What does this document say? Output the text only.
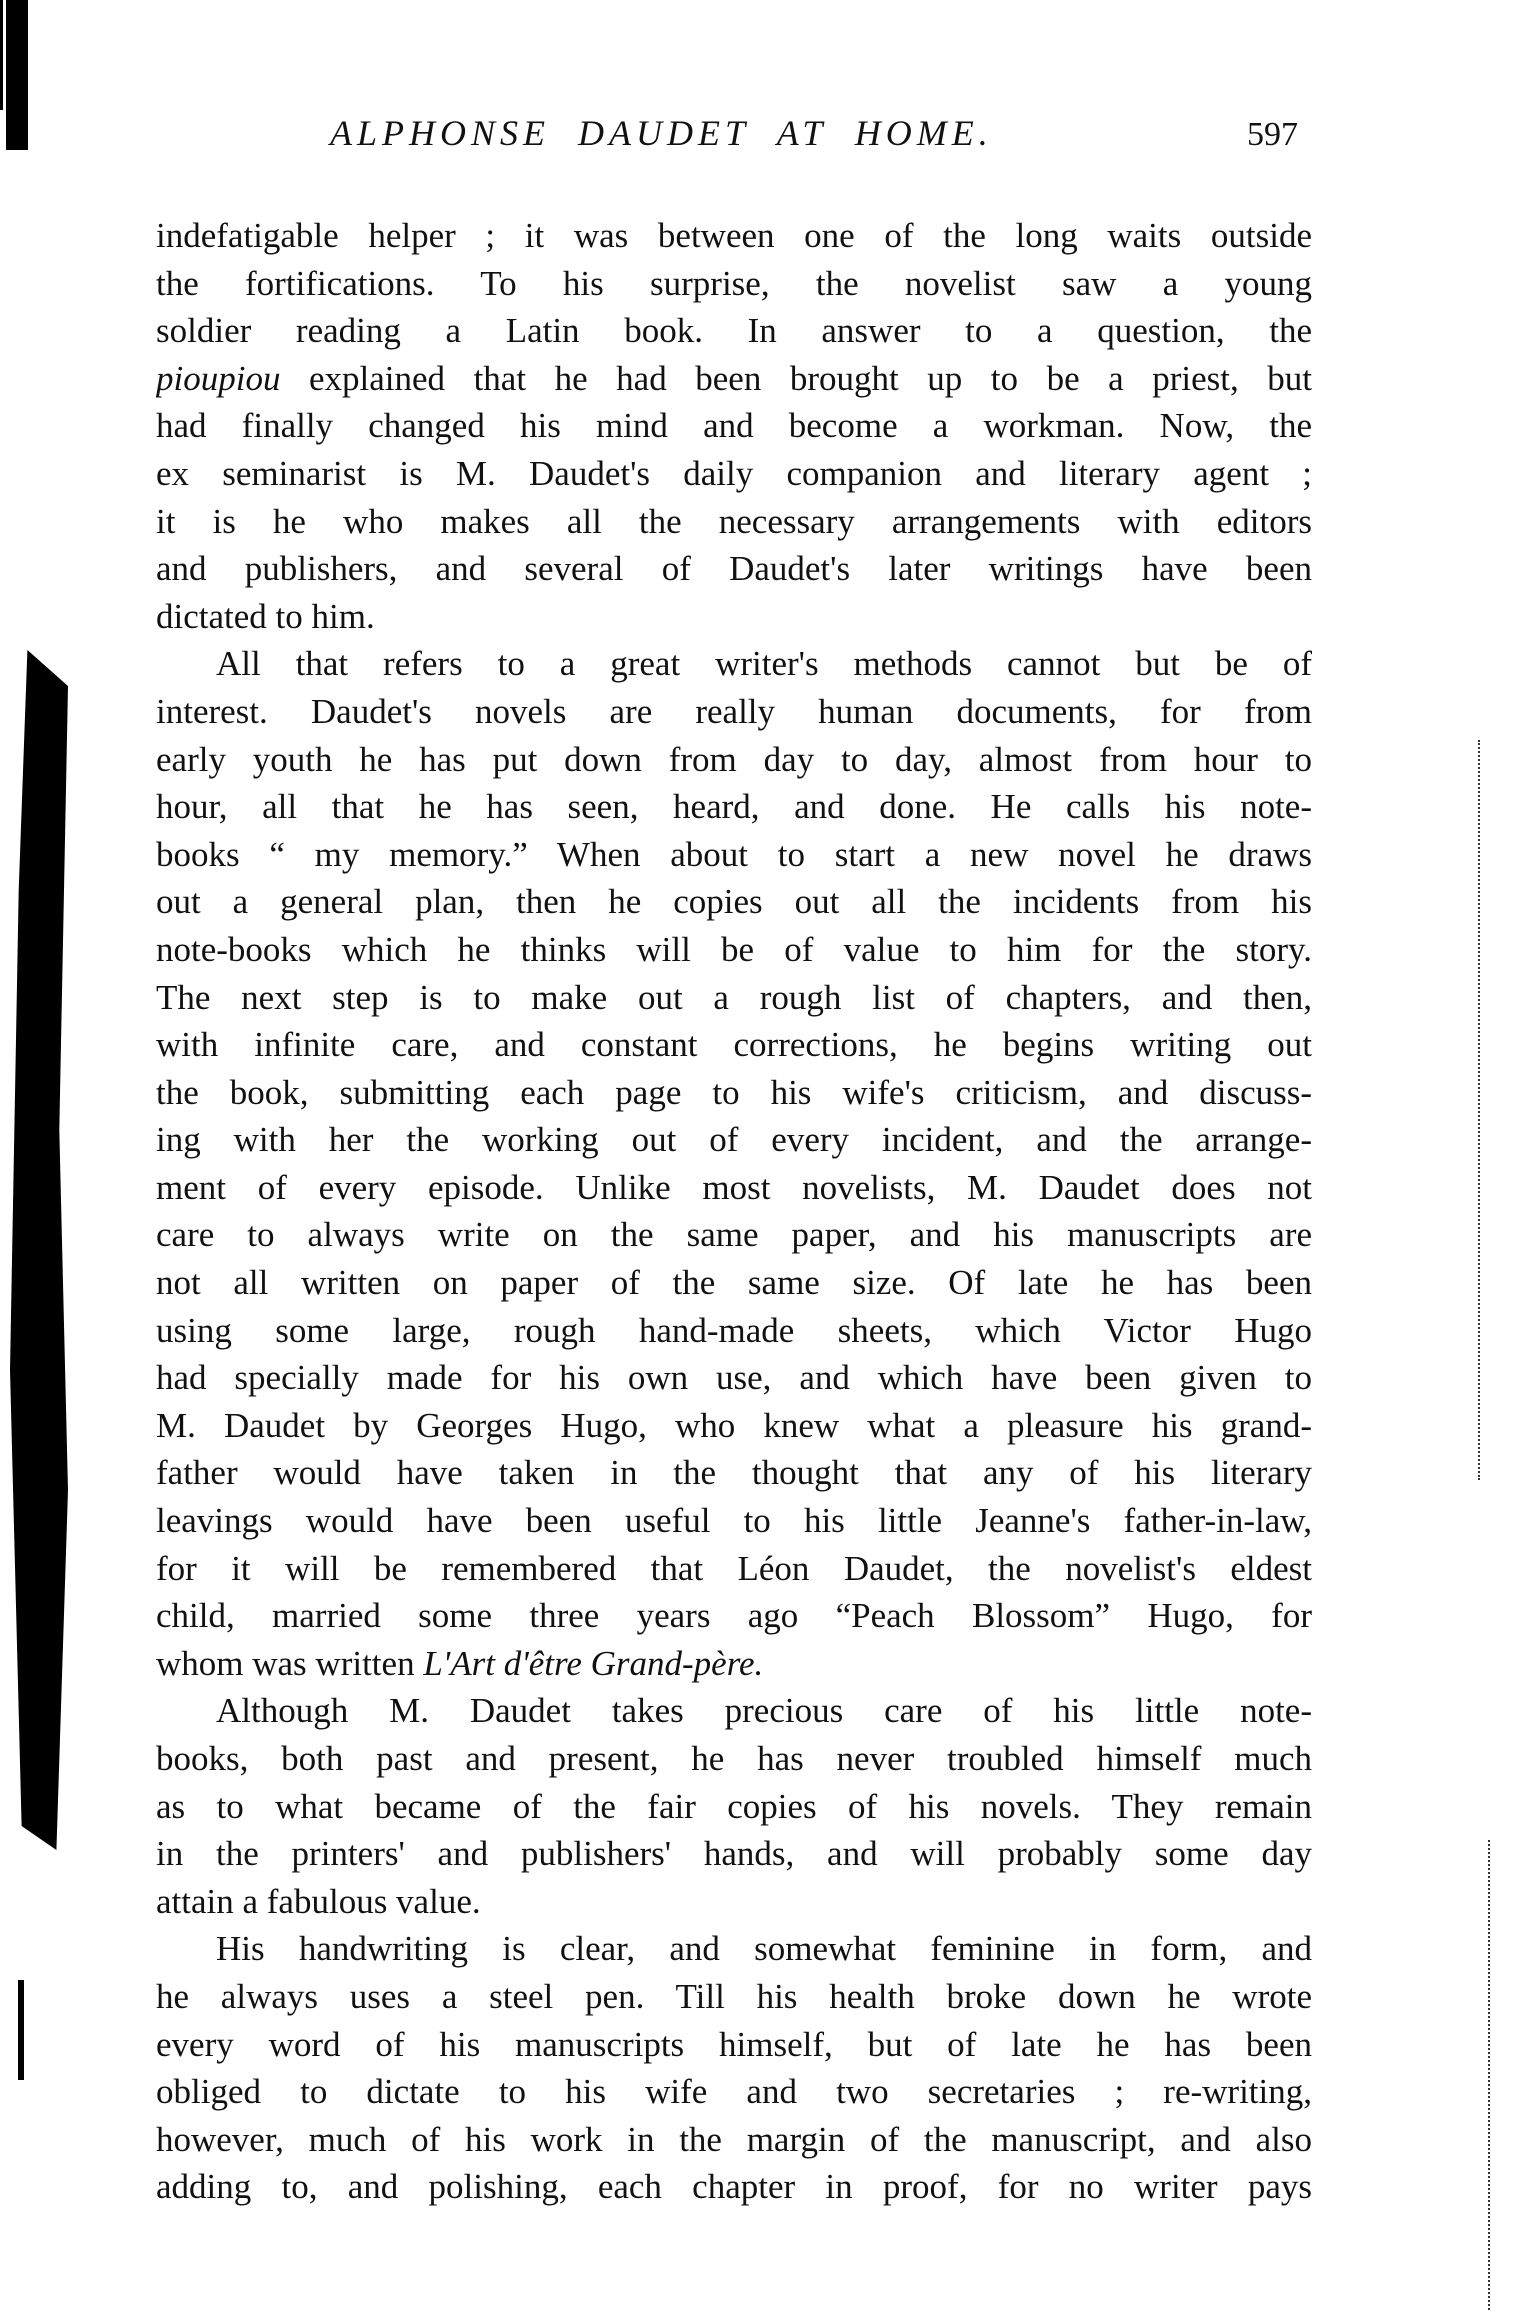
ALPHONSE DAUDET AT HOME.	597
indefatigable helper ; it was between one of the long waits outside
the fortifications. To his surprise, the novelist saw a young
soldier reading a Latin book. In answer to a question, the
pioupiou explained that he had been brought up to be a priest, but
had finally changed his mind and become a workman. Now, the
ex seminarist is M. Daudet's daily companion and literary agent ;
it is he who makes all the necessary arrangements with editors
and publishers, and several of Daudet's later writings have been
dictated to him.
All that refers to a great writer's methods cannot but be of
interest. Daudet's novels are really human documents, for from
early youth he has put down from day to day, almost from hour to
hour, all that he has seen, heard, and done. He calls his note-
books “ my memory.” When about to start a new novel he draws
out a general plan, then he copies out all the incidents from his
note-books which he thinks will be of value to him for the story.
The next step is to make out a rough list of chapters, and then,
with infinite care, and constant corrections, he begins writing out
the book, submitting each page to his wife's criticism, and discuss-
ing with her the working out of every incident, and the arrange-
ment of every episode. Unlike most novelists, M. Daudet does not
care to always write on the same paper, and his manuscripts are
not all written on paper of the same size. Of late he has been
using some large, rough hand-made sheets, which Victor Hugo
had specially made for his own use, and which have been given to
M. Daudet by Georges Hugo, who knew what a pleasure his grand-
father would have taken in the thought that any of his literary
leavings would have been useful to his little Jeanne's father-in-law,
for it will be remembered that Léon Daudet, the novelist's eldest
child, married some three years ago “Peach Blossom” Hugo, for
whom was written L'Art d'être Grand-père.
Although M. Daudet takes precious care of his little note-
books, both past and present, he has never troubled himself much
as to what became of the fair copies of his novels. They remain
in the printers' and publishers' hands, and will probably some day
attain a fabulous value.
His handwriting is clear, and somewhat feminine in form, and
he always uses a steel pen. Till his health broke down he wrote
every word of his manuscripts himself, but of late he has been
obliged to dictate to his wife and two secretaries ; re-writing,
however, much of his work in the margin of the manuscript, and also
adding to, and polishing, each chapter in proof, for no writer pays
